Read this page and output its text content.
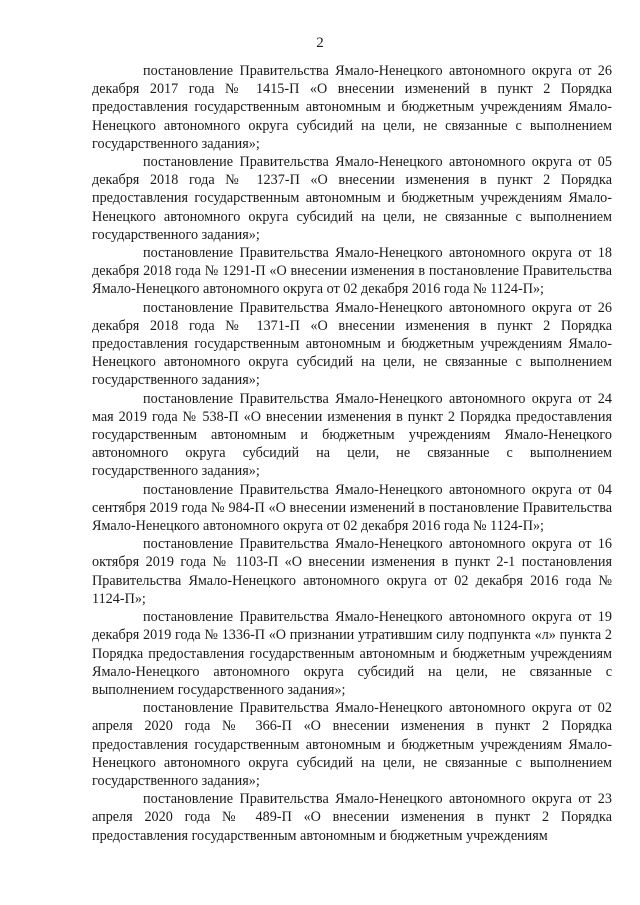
2

постановление Правительства Ямало-Ненецкого автономного округа от 26 декабря 2017 года № 1415-П «О внесении изменений в пункт 2 Порядка предоставления государственным автономным и бюджетным учреждениям Ямало-Ненецкого автономного округа субсидий на цели, не связанные с выполнением государственного задания»;

постановление Правительства Ямало-Ненецкого автономного округа от 05 декабря 2018 года № 1237-П «О внесении изменения в пункт 2 Порядка предоставления государственным автономным и бюджетным учреждениям Ямало-Ненецкого автономного округа субсидий на цели, не связанные с выполнением государственного задания»;

постановление Правительства Ямало-Ненецкого автономного округа от 18 декабря 2018 года № 1291-П «О внесении изменения в постановление Правительства Ямало-Ненецкого автономного округа от 02 декабря 2016 года № 1124-П»;

постановление Правительства Ямало-Ненецкого автономного округа от 26 декабря 2018 года № 1371-П «О внесении изменения в пункт 2 Порядка предоставления государственным автономным и бюджетным учреждениям Ямало-Ненецкого автономного округа субсидий на цели, не связанные с выполнением государственного задания»;

постановление Правительства Ямало-Ненецкого автономного округа от 24 мая 2019 года № 538-П «О внесении изменения в пункт 2 Порядка предоставления государственным автономным и бюджетным учреждениям Ямало-Ненецкого автономного округа субсидий на цели, не связанные с выполнением государственного задания»;

постановление Правительства Ямало-Ненецкого автономного округа от 04 сентября 2019 года № 984-П «О внесении изменений в постановление Правительства Ямало-Ненецкого автономного округа от 02 декабря 2016 года № 1124-П»;

постановление Правительства Ямало-Ненецкого автономного округа от 16 октября 2019 года № 1103-П «О внесении изменения в пункт 2-1 постановления Правительства Ямало-Ненецкого автономного округа от 02 декабря 2016 года № 1124-П»;

постановление Правительства Ямало-Ненецкого автономного округа от 19 декабря 2019 года № 1336-П «О признании утратившим силу подпункта «л» пункта 2 Порядка предоставления государственным автономным и бюджетным учреждениям Ямало-Ненецкого автономного округа субсидий на цели, не связанные с выполнением государственного задания»;

постановление Правительства Ямало-Ненецкого автономного округа от 02 апреля 2020 года № 366-П «О внесении изменения в пункт 2 Порядка предоставления государственным автономным и бюджетным учреждениям Ямало-Ненецкого автономного округа субсидий на цели, не связанные с выполнением государственного задания»;

постановление Правительства Ямало-Ненецкого автономного округа от 23 апреля 2020 года № 489-П «О внесении изменения в пункт 2 Порядка предоставления государственным автономным и бюджетным учреждениям
